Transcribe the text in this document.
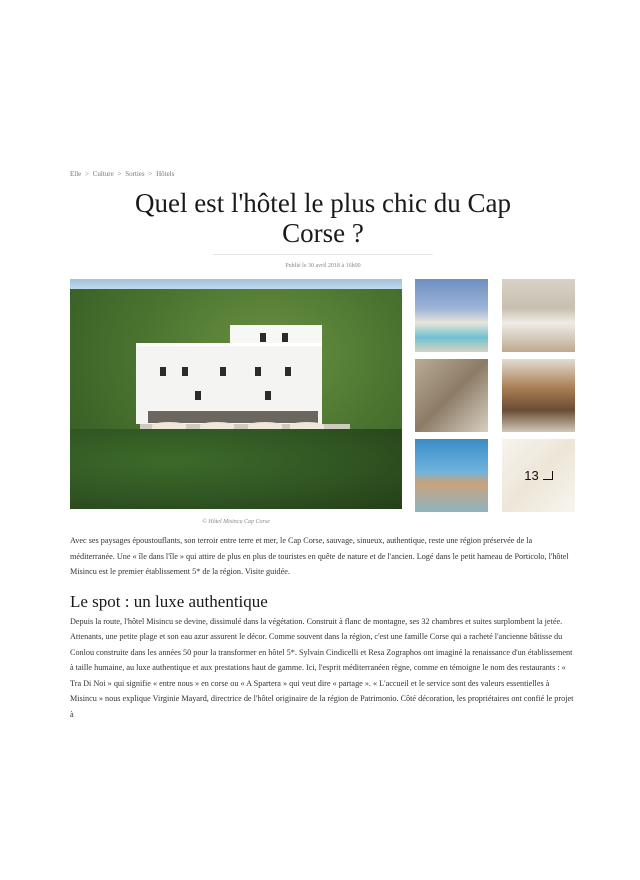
Elle > Culture > Sorties > Hôtels
Quel est l'hôtel le plus chic du Cap Corse ?
Publié le 30 avril 2018 à 16h00
13
© Hôtel Misincu Cap Corse

Avec ses paysages époustouflants, son terroir entre terre et mer, le Cap Corse, sauvage, sinueux, authentique, reste une région préservée de la méditerranée. Une « île dans l'île » qui attire de plus en plus de touristes en quête de nature et de l'ancien. Logé dans le petit hameau de Porticolo, l'hôtel Misincu est le premier établissement 5* de la région. Visite guidée.

Le spot : un luxe authentique

Depuis la route, l'hôtel Misincu se devine, dissimulé dans la végétation. Construit à flanc de montagne, ses 32 chambres et suites surplombent la jetée. Attenants, une petite plage et son eau azur assurent le décor. Comme souvent dans la région, c'est une famille Corse qui a racheté l'ancienne bâtisse du Conlou construite dans les années 50 pour la transformer en hôtel 5*. Sylvain Cindicelli et Resa Zographos ont imaginé la renaissance d'un établissement à taille humaine, au luxe authentique et aux prestations haut de gamme. Ici, l'esprit méditerranéen règne, comme en témoigne le nom des restaurants : « Tra Di Noi » qui signifie « entre nous » en corse ou « A Spartera » qui veut dire « partage ». « L'accueil et le service sont des valeurs essentielles à Misincu » nous explique Virginie Mayard, directrice de l'hôtel originaire de la région de Patrimonio. Côté décoration, les propriétaires ont confié le projet à
